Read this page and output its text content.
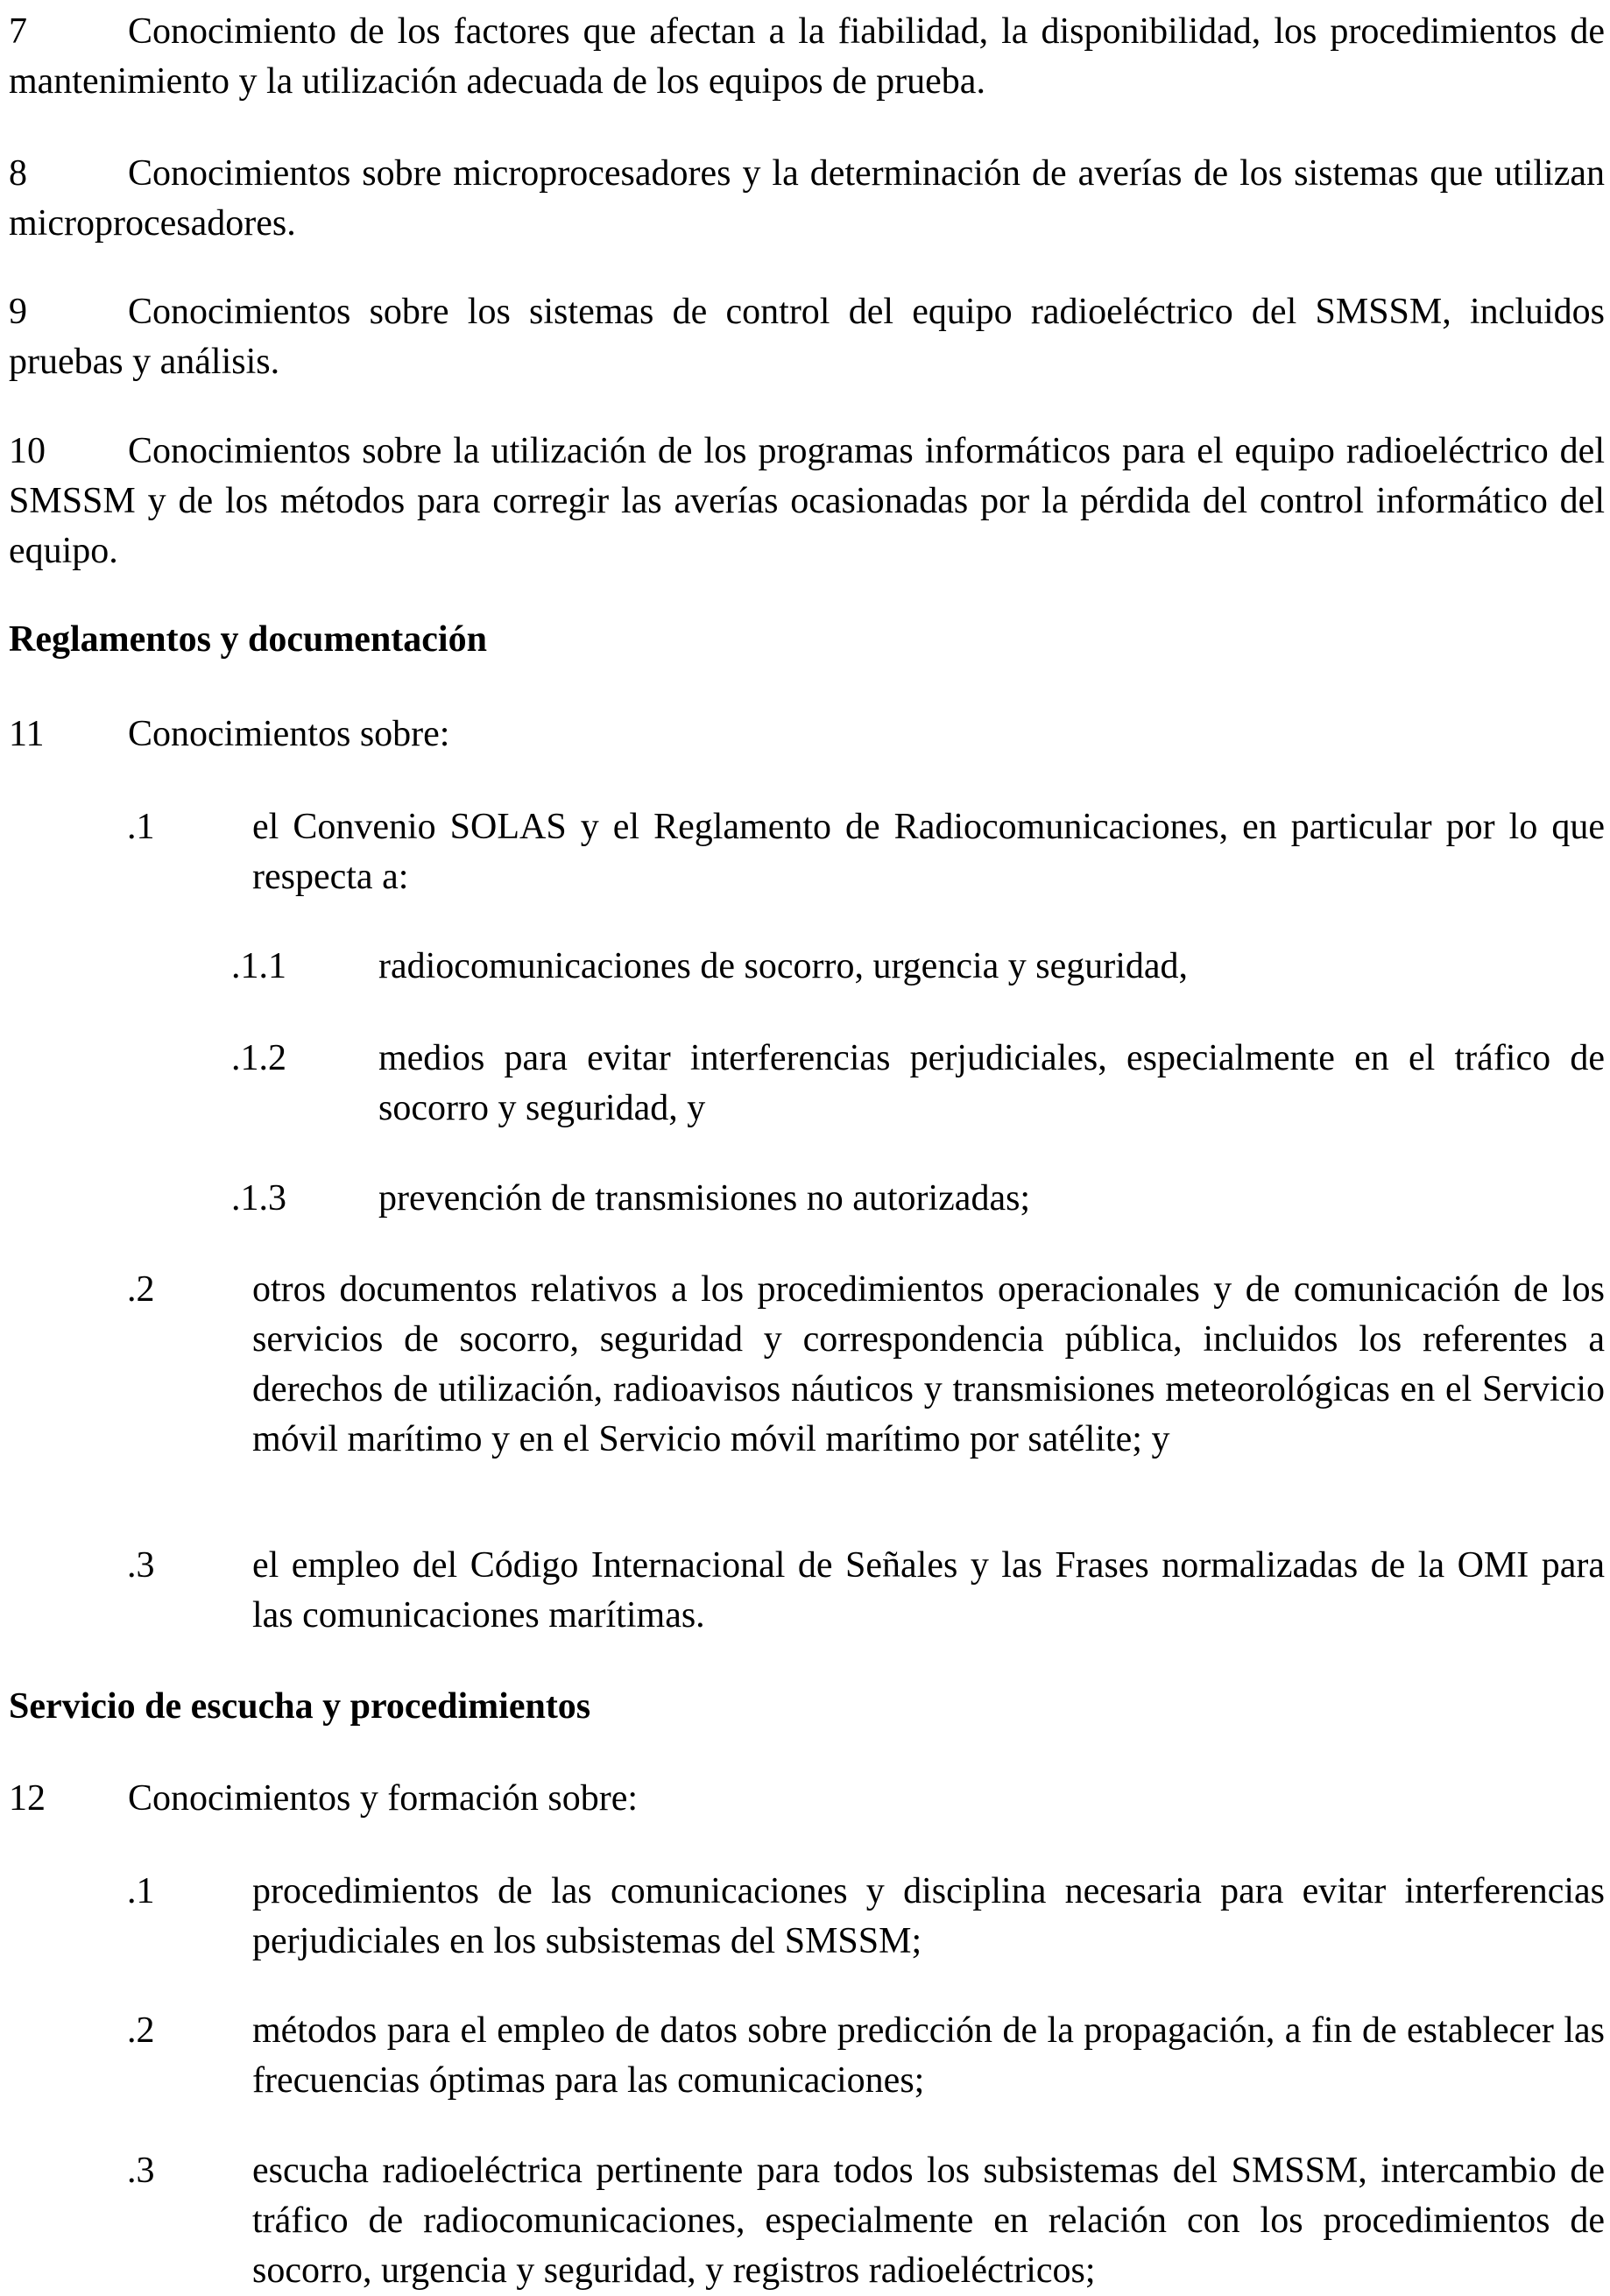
7	Conocimiento de los factores que afectan a la fiabilidad, la disponibilidad, los procedimientos de mantenimiento y la utilización adecuada de los equipos de prueba.

8	Conocimientos sobre microprocesadores y la determinación de averías de los sistemas que utilizan microprocesadores.

9	Conocimientos sobre los sistemas de control del equipo radioeléctrico del SMSSM, incluidos pruebas y análisis.

10 Conocimientos sobre la utilización de los programas informáticos para el equipo radioeléctrico del SMSSM y de los métodos para corregir las averías ocasionadas por la pérdida del control informático del equipo.

Reglamentos y documentación

11 Conocimientos sobre:

.1	el Convenio SOLAS y el Reglamento de Radiocomunicaciones, en particular por lo que respecta a:

.1.1	radiocomunicaciones de socorro, urgencia y seguridad,

.1.2	medios para evitar interferencias perjudiciales, especialmente en el tráfico de socorro y seguridad, y

.1.3	prevención de transmisiones no autorizadas;

.2	otros documentos relativos a los procedimientos operacionales y de comunicación de los servicios de socorro, seguridad y correspondencia pública, incluidos los referentes a derechos de utilización, radioavisos náuticos y transmisiones meteorológicas en el Servicio móvil marítimo y en el Servicio móvil marítimo por satélite; y

.3	el empleo del Código Internacional de Señales y las Frases normalizadas de la OMI para las comunicaciones marítimas.

Servicio de escucha y procedimientos

12 Conocimientos y formación sobre:

.1	procedimientos de las comunicaciones y disciplina necesaria para evitar interferencias perjudiciales en los subsistemas del SMSSM;

.2	métodos para el empleo de datos sobre predicción de la propagación, a fin de establecer las frecuencias óptimas para las comunicaciones;

.3	escucha radioeléctrica pertinente para todos los subsistemas del SMSSM, intercambio de tráfico de radiocomunicaciones, especialmente en relación con los procedimientos de socorro, urgencia y seguridad, y registros radioeléctricos;
